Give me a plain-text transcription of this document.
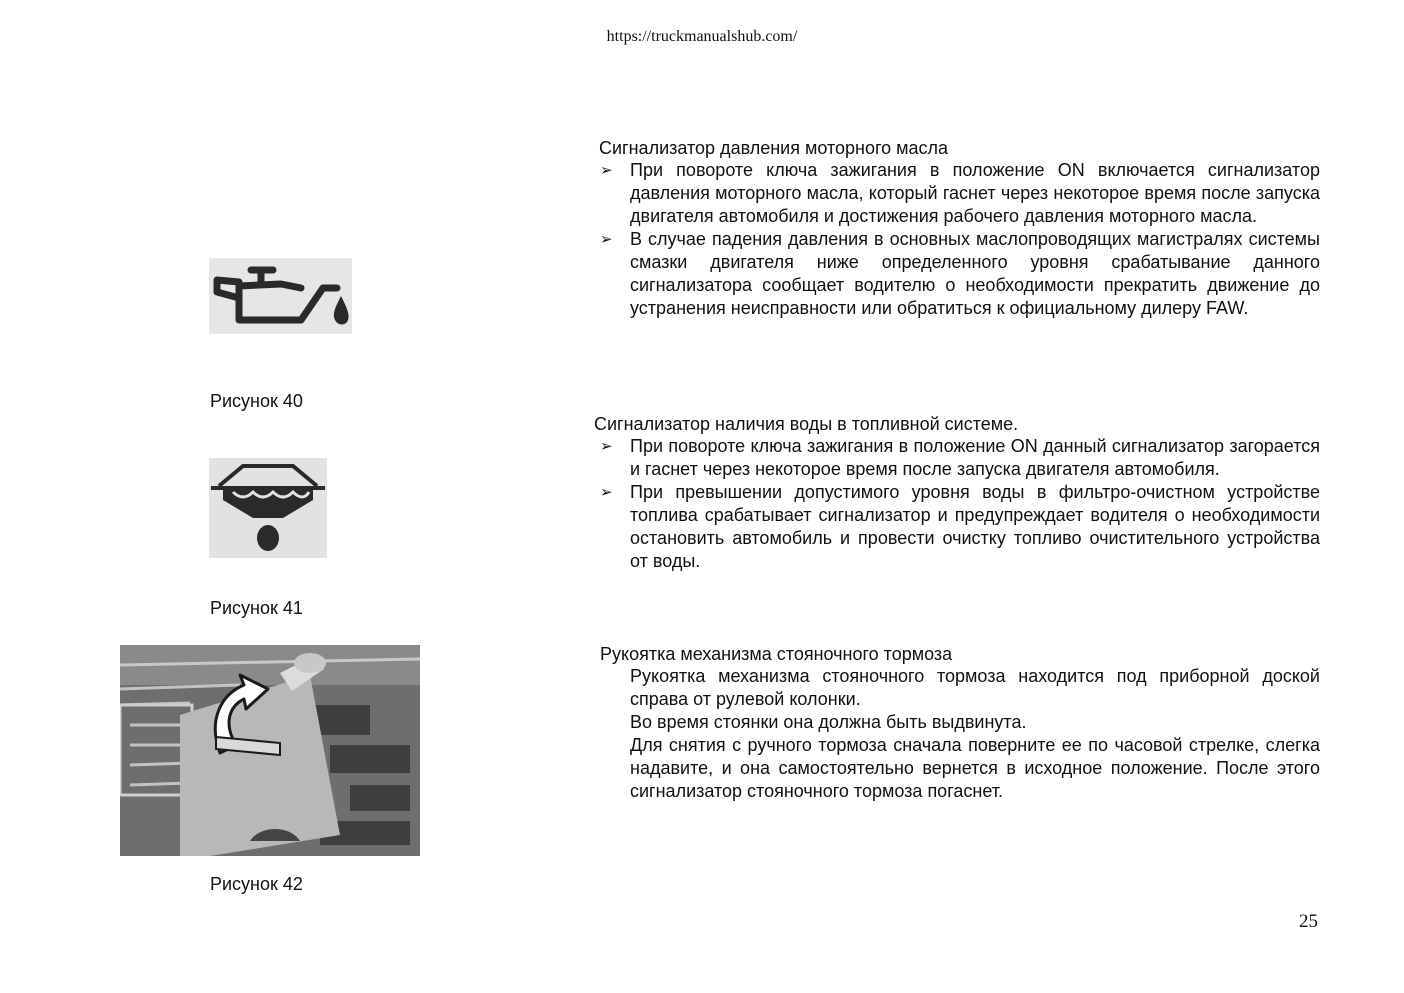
https://truckmanualshub.com/
Рисунок 40
Рисунок 41
Рисунок 42
Сигнализатор давления моторного масла
➢ При повороте ключа зажигания в положение ON включается сигнализатор давления моторного масла, который гаснет через некоторое время после запуска двигателя автомобиля и достижения рабочего давления моторного масла.
➢ В случае падения давления в основных маслопроводящих магистралях системы смазки двигателя ниже определенного уровня срабатывание данного сигнализатора сообщает водителю о необходимости прекратить движение до устранения неисправности или обратиться к официальному дилеру FAW.
Сигнализатор наличия воды в топливной системе.
➢ При повороте ключа зажигания в положение ON данный сигнализатор загорается и гаснет через некоторое время после запуска двигателя автомобиля.
➢ При превышении допустимого уровня воды в фильтро-очистном устройстве топлива срабатывает сигнализатор и предупреждает водителя о необходимости остановить автомобиль и провести очистку топливо очистительного устройства от воды.
Рукоятка механизма стояночного тормоза

Рукоятка механизма стояночного тормоза находится под приборной доской справа от рулевой колонки.

Во время стоянки она должна быть выдвинута.

Для снятия с ручного тормоза сначала поверните ее по часовой стрелке, слегка надавите, и она самостоятельно вернется в исходное положение. После этого сигнализатор стояночного тормоза погаснет.

25
